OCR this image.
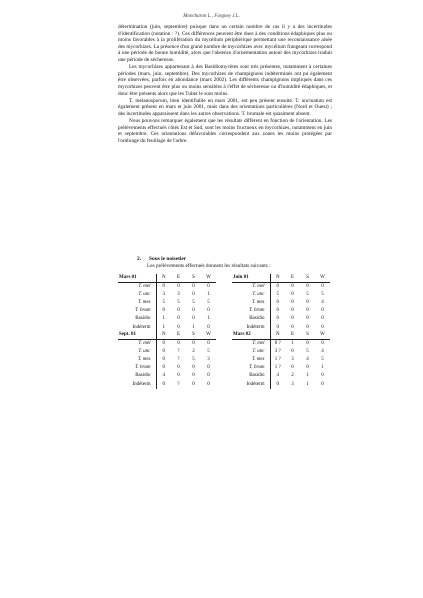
Moncharon L., Fargney J.L.

détermination (juin, septembre) puisque dans un certain nombre de cas il y a des incertitudes d'identification (notation : ?). Ces différences peuvent être dues à des conditions édaphiques plus ou moins favorables à la prolifération du mycélium périphérique permettant une reconnaissance aisée des mycorhizes. La présence d'un grand nombre de mycorhizes avec mycélium frangeant correspond à une période de bonne humidité, alors que l'absence d'ornementation autour des mycorhizes traduit une période de sécheresse.

Les mycorhizes appartenant à des Basidiomycètes sont très présentes, notamment à certaines périodes (mars, juin, septembre). Des mycorhizes de champignons indéterminés ont pu également être observées, parfois en abondance (mars 2002). Les différents champignons impliqués dans ces mycorhizes peuvent être plus ou moins sensibles à l'effet de sécheresse ou d'humidité édaphiques, et donc être présents alors que les Tuber le sont moins.

T. melanosporum, bien identifiable en mars 2001, est peu présent ensuite. T. uncinatum est également présent en mars et juin 2001, mais dans des orientations particulières (Nord et Ouest) ; des incertitudes apparaissent dans les autres observations. T. brumale est quasiment absent.

Nous pouvons remarquer également que les résultats diffèrent en fonction de l'orientation. Les prélèvements effectués côtés Est et Sud, sont les moins fructueux en mycorhizes, notamment en juin et septembre. Ces orientations défavorables correspondent aux zones les moins protégées par l'ombrage du feuillage de l'arbre.

2. Sous le noisetier
Les prélèvements effectués donnent les résultats suivants :
Mars 01	N	E	S	W
T. mel	0	0	0	0
T. unc	3	3	0	1
T. mes	5	5	5	5
T. brum	0	0	0	0
Basidio	1	0	0	1
Indéterm	1	0	1	0
Juin 01	N	E	S	W
T. mel	0	0	0	0
T. unc	5	0	5	5
T. mes	0	0	0	4
T. brum	0	0	0	0
Basidio	0	0	0	0
Indéterm	0	0	0	0
Sept. 01	N	E	S	W
T. mel	0	0	0	0
T. unc	0	?	2	5
T. mes	0	?	5	3
T. brum	0	0	0	0
Basidio	4	0	0	0
Indéterm	0	?	0	0
Mars 02	N	E	S	W
T. mel	0 ?	1	0	0
T. unc	3 ?	0	5	4
T. mes	1 ?	3	4	5
T. brum	1 ?	0	0	1
Basidio	4	2	1	0
Indéterm	0	3	1	0
